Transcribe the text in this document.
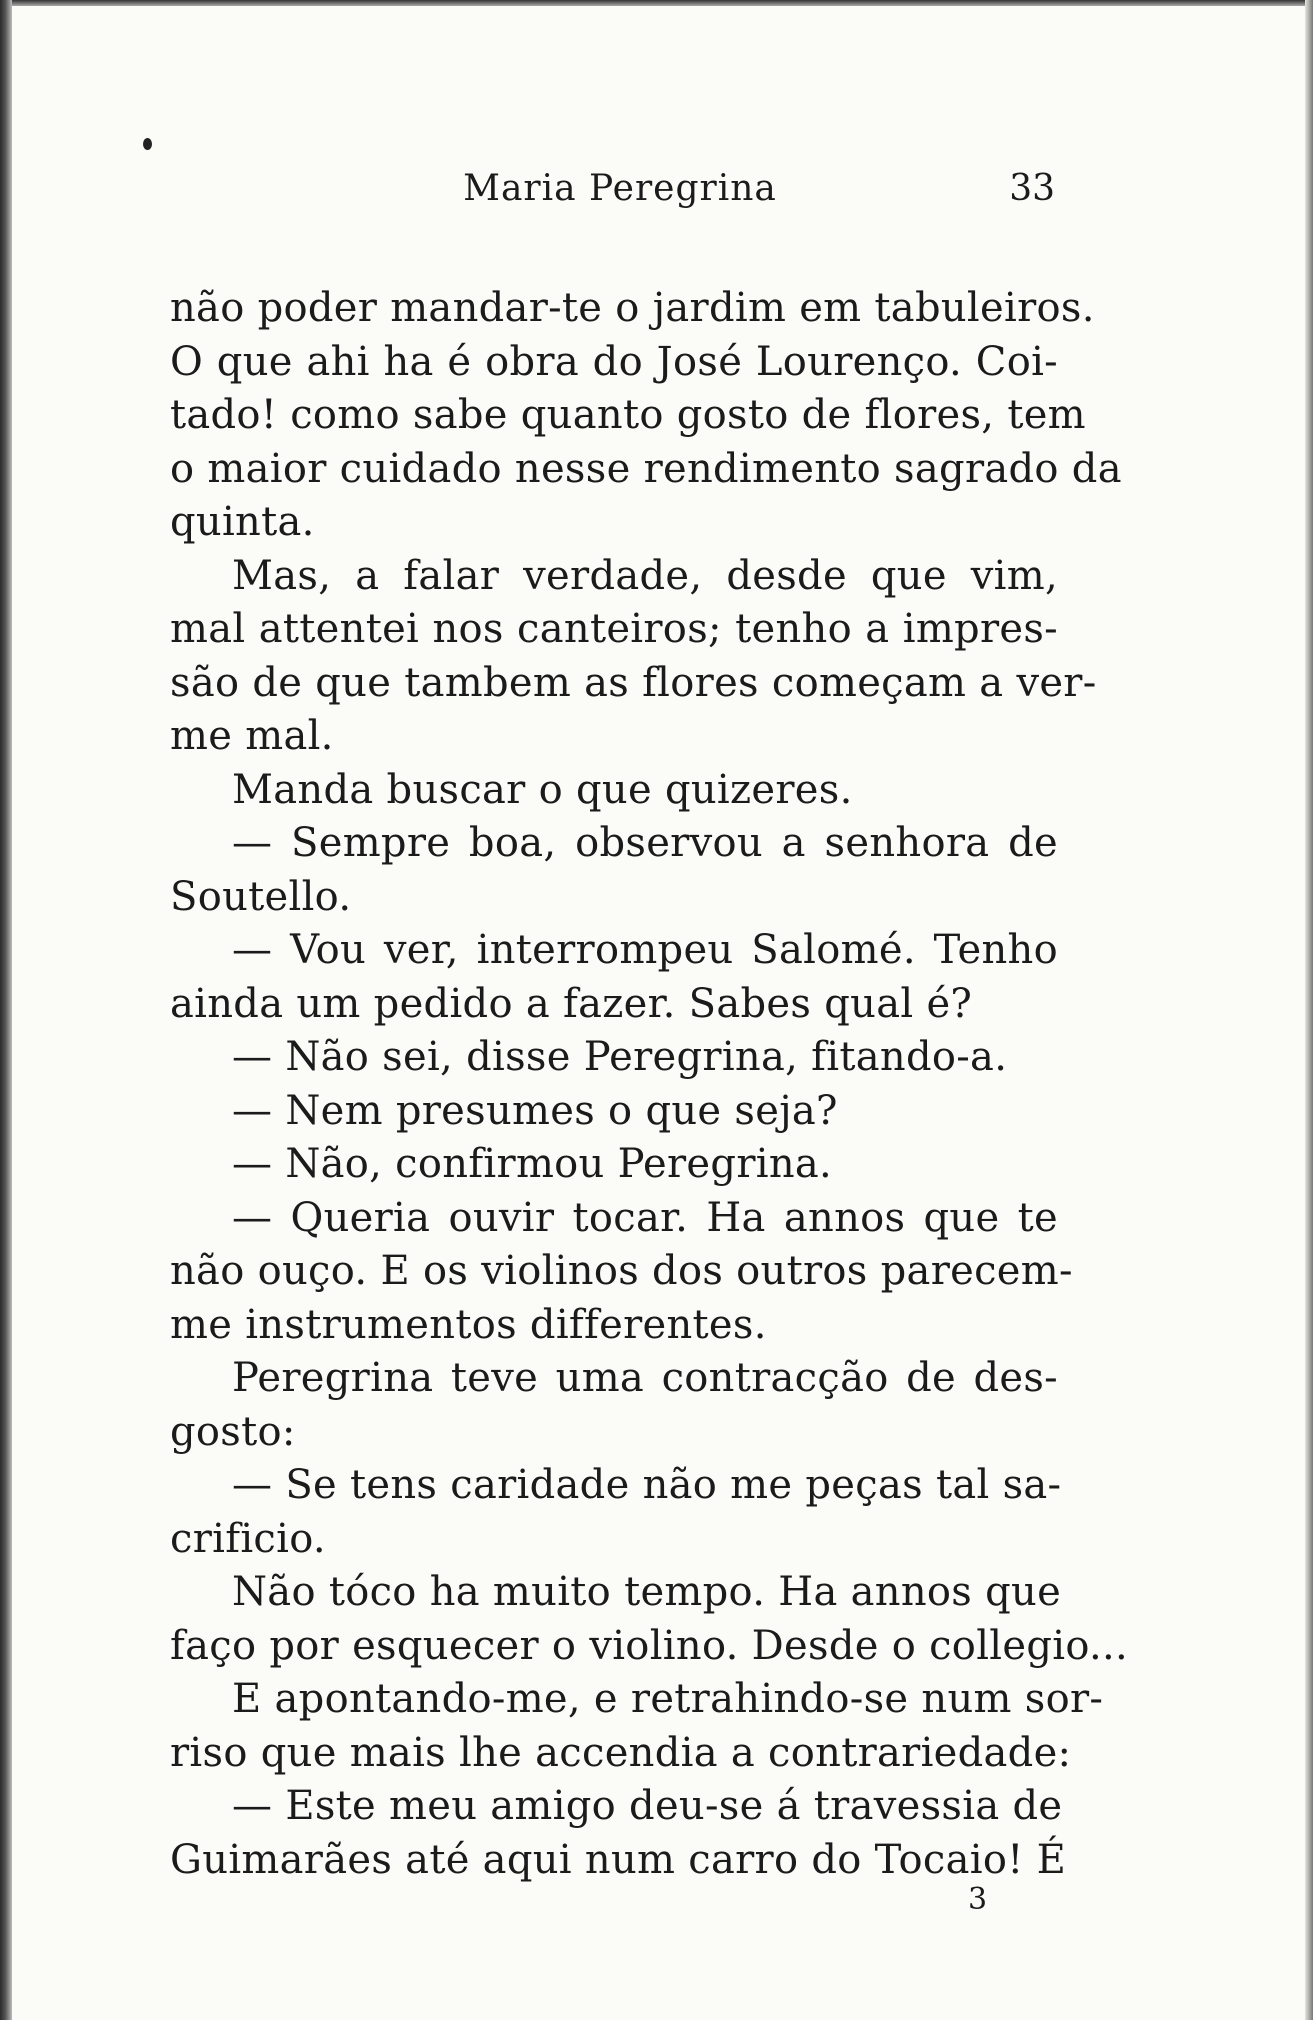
Maria Peregrina	33
não poder mandar-te o jardim em tabuleiros.
O que ahi ha é obra do José Lourenço. Coi-
tado! como sabe quanto gosto de flores, tem
o maior cuidado nesse rendimento sagrado da
quinta.
Mas, a falar verdade, desde que vim,
mal attentei nos canteiros; tenho a impres-
são de que tambem as flores começam a ver-
me mal.
Manda buscar o que quizeres.
— Sempre boa, observou a senhora de
Soutello.
— Vou ver, interrompeu Salomé. Tenho
ainda um pedido a fazer. Sabes qual é?
— Não sei, disse Peregrina, fitando-a.
— Nem presumes o que seja?
— Não, confirmou Peregrina.
— Queria ouvir tocar. Ha annos que te
não ouço. E os violinos dos outros parecem-
me instrumentos differentes.
Peregrina teve uma contracção de des-
gosto:
— Se tens caridade não me peças tal sa-
crificio.
Não tóco ha muito tempo. Ha annos que
faço por esquecer o violino. Desde o collegio...
E apontando-me, e retrahindo-se num sor-
riso que mais lhe accendia a contrariedade:
— Este meu amigo deu-se á travessia de
Guimarães até aqui num carro do Tocaio! É
3
